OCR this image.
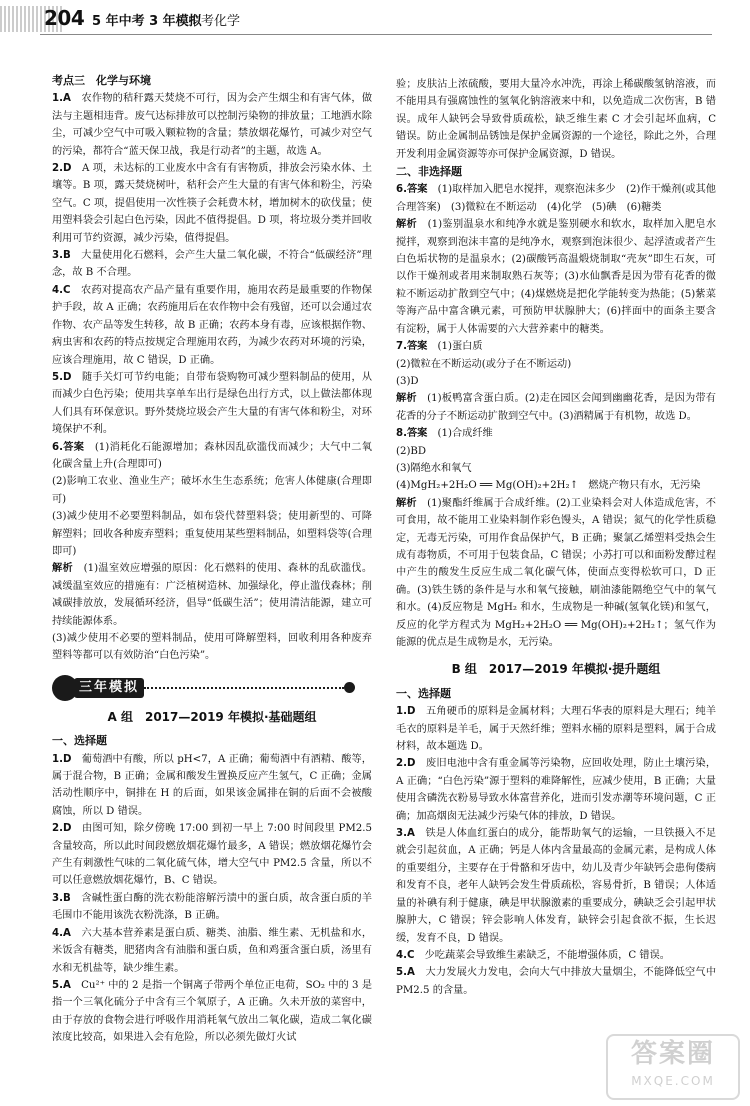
204 5 年中考 3 年模拟
中考化学
考点三　化学与环境
1.A　农作物的秸秆露天焚烧不可行，因为会产生烟尘和有害气体，做法与主题相违背。废气达标排放可以控制污染物的排放量；工地洒水除尘，可减少空气中可吸入颗粒物的含量；禁放烟花爆竹，可减少对空气的污染，都符合“蓝天保卫战，我是行动者”的主题，故选 A。
2.D　A 项，未达标的工业废水中含有有害物质，排放会污染水体、土壤等。B 项，露天焚烧树叶，秸秆会产生大量的有害气体和粉尘，污染空气。C 项，提倡使用一次性筷子会耗费木材，增加树木的砍伐量；使用塑料袋会引起白色污染，因此不值得提倡。D 项，将垃圾分类并回收利用可节约资源，减少污染，值得提倡。
3.B　大量使用化石燃料，会产生大量二氧化碳，不符合“低碳经济”理念，故 B 不合理。
4.C　农药对提高农产品产量有重要作用，施用农药是最重要的作物保护手段，故 A 正确；农药施用后在农作物中会有残留，还可以会通过农作物、农产品等发生转移，故 B 正确；农药本身有毒，应该根据作物、病虫害和农药的特点按规定合理施用农药，为减少农药对环境的污染，应该合理施用，故 C 错误，D 正确。
5.D　随手关灯可节约电能；自带布袋购物可减少塑料制品的使用，从而减少白色污染；使用共享单车出行是绿色出行方式，以上做法都体现人们具有环保意识。野外焚烧垃圾会产生大量的有害气体和粉尘，对环境保护不利。
6.答案　(1)消耗化石能源增加；森林因乱砍滥伐而减少；大气中二氧化碳含量上升(合理即可)
(2)影响工农业、渔业生产；破坏水生生态系统；危害人体健康(合理即可)
(3)减少使用不必要塑料制品，如布袋代替塑料袋；使用新型的、可降解塑料；回收各种废弃塑料；重复使用某些塑料制品，如塑料袋等(合理即可)
解析　(1)温室效应增强的原因：化石燃料的使用、森林的乱砍滥伐。减缓温室效应的措施有：广泛植树造林、加强绿化，停止滥伐森林；削减碳排放放，发展循环经济，倡导“低碳生活”；使用清洁能源，建立可持续能源体系。
(3)减少使用不必要的塑料制品，使用可降解塑料，回收利用各种废弃塑料等都可以有效防治“白色污染”。
三年模拟
A 组　2017—2019 年模拟·基础题组
一、选择题
1.D　葡萄酒中有酸，所以 pH<7，A 正确；葡萄酒中有酒精、酸等，属于混合物，B 正确；金属和酸发生置换反应产生氢气，C 正确；金属活动性顺序中，铜排在 H 的后面，如果该金属排在铜的后面不会被酸腐蚀，所以 D 错误。
2.D　由图可知，除夕傍晚 17:00 到初一早上 7:00 时间段里 PM2.5 含量较高，所以此时间段燃放烟花爆竹最多，A 错误；燃放烟花爆竹会产生有刺激性气味的二氧化硫气体，增大空气中 PM2.5 含量，所以不可以任意燃放烟花爆竹，B、C 错误。
3.B　含碱性蛋白酶的洗衣粉能溶解污渍中的蛋白质，故含蛋白质的羊毛围巾不能用该洗衣粉洗涤，B 正确。
4.A　六大基本营养素是蛋白质、糖类、油脂、维生素、无机盐和水，米饭含有糖类，肥猪肉含有油脂和蛋白质，鱼和鸡蛋含蛋白质，汤里有水和无机盐等，缺少维生素。
5.A　Cu²⁺ 中的 2 是指一个铜离子带两个单位正电荷，SO₂ 中的 3 是指一个三氧化硫分子中含有三个氧原子，A 正确。久未开放的菜窖中，由于存放的食物会进行呼吸作用消耗氧气放出二氧化碳，造成二氧化碳浓度比较高，如果进入会有危险，所以必须先做灯火试
验；皮肤沾上浓硫酸，要用大量冷水冲洗，再涂上稀碳酸氢钠溶液，而不能用具有强腐蚀性的氢氧化钠溶液来中和，以免造成二次伤害，B 错误。成年人缺钙会导致骨质疏松，缺乏维生素 C 才会引起坏血病，C 错误。防止金属制品锈蚀是保护金属资源的一个途径，除此之外，合理开发利用金属资源等亦可保护金属资源，D 错误。
二、非选择题
6.答案　(1)取样加入肥皂水搅拌，观察泡沫多少　(2)作干燥剂(或其他合理答案)　(3)微粒在不断运动　(4)化学　(5)碘　(6)糖类
解析　(1)鉴别温泉水和纯净水就是鉴别硬水和软水，取样加入肥皂水搅拌，观察到泡沫丰富的是纯净水，观察到泡沫很少、起浮渣或者产生白色垢状物的是温泉水；(2)碳酸钙高温煅烧制取“壳灰”即生石灰，可以作干燥剂或者用来制取熟石灰等；(3)水仙飘香是因为带有花香的微粒不断运动扩散到空气中；(4)煤燃烧是把化学能转变为热能；(5)紫菜等海产品中富含碘元素，可预防甲状腺肿大；(6)拌面中的面条主要含有淀粉，属于人体需要的六大营养素中的糖类。
7.答案　(1)蛋白质
(2)微粒在不断运动(或分子在不断运动)
(3)D
解析　(1)板鸭富含蛋白质。(2)走在园区会闻到幽幽花香，是因为带有花香的分子不断运动扩散到空气中。(3)酒精属于有机物，故选 D。
8.答案　(1)合成纤维
(2)BD
(3)隔绝水和氧气
(4)MgH₂+2H₂O ══ Mg(OH)₂+2H₂↑　燃烧产物只有水，无污染
解析　(1)聚酯纤维属于合成纤维。(2)工业染料会对人体造成危害，不可食用，故不能用工业染料制作彩色馒头，A 错误；氮气的化学性质稳定，无毒无污染，可用作食品保护气，B 正确；聚氯乙烯塑料受热会生成有毒物质，不可用于包装食品，C 错误；小苏打可以和面粉发酵过程中产生的酸发生反应生成二氧化碳气体，使面点变得松软可口，D 正确。(3)铁生锈的条件是与水和氧气接触，刷油漆能隔绝空气中的氧气和水。(4)反应物是 MgH₂ 和水，生成物是一种碱(氢氧化镁)和氢气，反应的化学方程式为 MgH₂+2H₂O ══ Mg(OH)₂+2H₂↑；氢气作为能源的优点是生成物是水，无污染。
B 组　2017—2019 年模拟·提升题组
一、选择题
1.D　五角硬币的原料是金属材料；大理石华表的原料是大理石；纯羊毛衣的原料是羊毛，属于天然纤维；塑料水桶的原料是塑料，属于合成材料，故本题选 D。
2.D　废旧电池中含有重金属等污染物，应回收处理，防止土壤污染，A 正确；“白色污染”源于塑料的难降解性，应减少使用，B 正确；大量使用含磷洗衣粉易导致水体富营养化，进而引发赤潮等环境问题，C 正确；加高烟囱无法减少污染气体的排放，D 错误。
3.A　铁是人体血红蛋白的成分，能帮助氧气的运输，一旦铁摄入不足就会引起贫血，A 正确；钙是人体内含量最高的金属元素，是构成人体的重要组分，主要存在于骨骼和牙齿中，幼儿及青少年缺钙会患佝偻病和发育不良，老年人缺钙会发生骨质疏松，容易骨折，B 错误；人体适量的补碘有利于健康，碘是甲状腺激素的重要成分，碘缺乏会引起甲状腺肿大，C 错误；锌会影响人体发育，缺锌会引起食欲不振，生长迟缓，发育不良，D 错误。
4.C　少吃蔬菜会导致维生素缺乏，不能增强体质，C 错误。
5.A　大力发展火力发电，会向大气中排放大量烟尘，不能降低空气中 PM2.5 的含量。
答案圈
MXQE.COM
